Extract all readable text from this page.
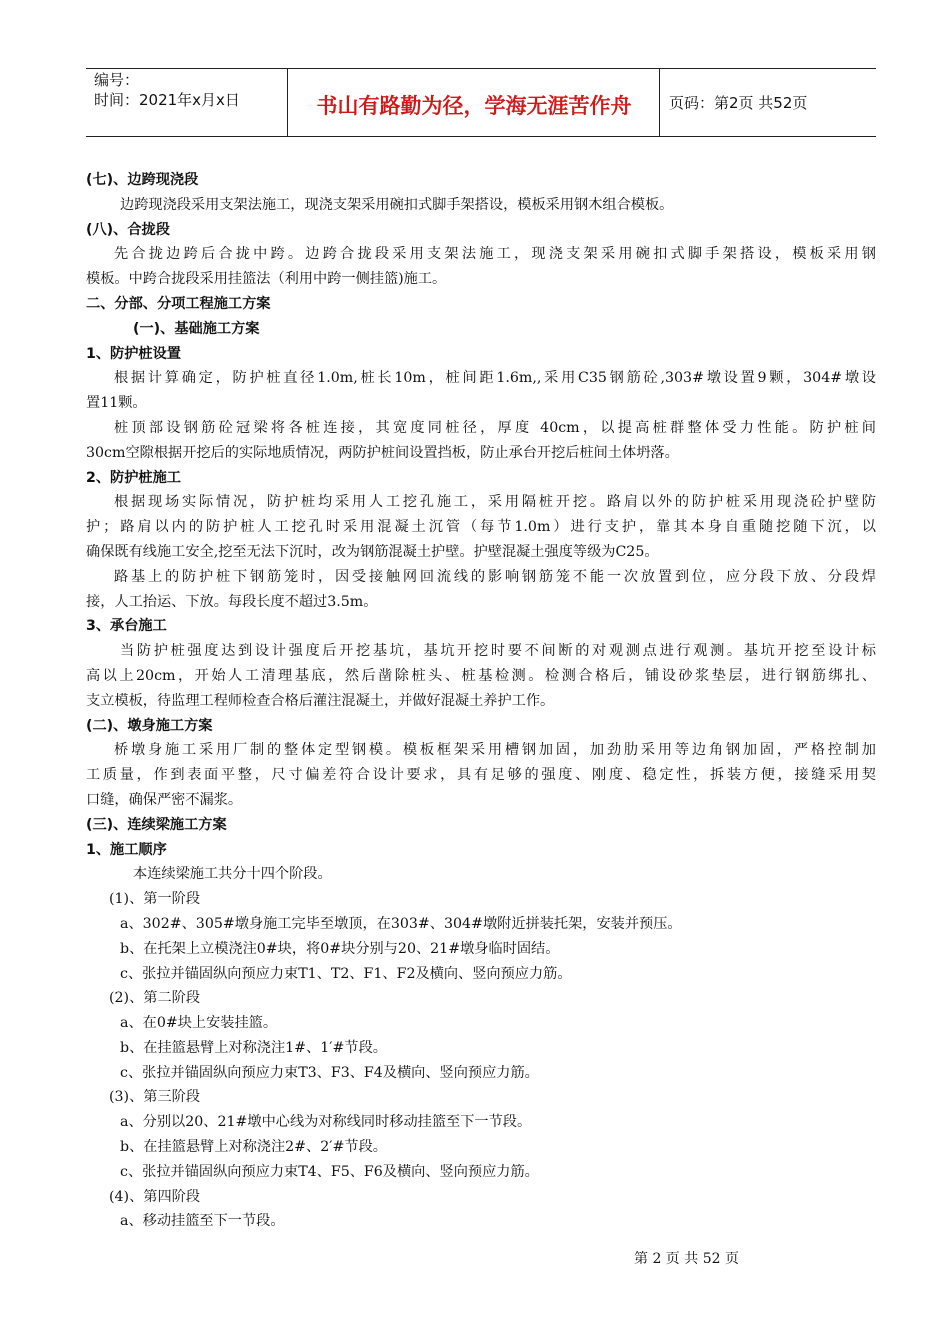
编号：
时间：2021年x月x日	书山有路勤为径，学海无涯苦作舟	页码：第2页 共52页

(七)、边跨现浇段

边跨现浇段采用支架法施工，现浇支架采用碗扣式脚手架搭设，模板采用钢木组合模板。

(八)、合拢段

先合拢边跨后合拢中跨。边跨合拢段采用支架法施工，现浇支架采用碗扣式脚手架搭设，模板采用钢

模板。中跨合拢段采用挂篮法（利用中跨一侧挂篮)施工。

二、分部、分项工程施工方案

(一)、基础施工方案

1、防护桩设置

根据计算确定，防护桩直径1.0m,桩长10m，桩间距1.6m,,采用C35钢筋砼,303#墩设置9颗，304#墩设

置11颗。

桩顶部设钢筋砼冠梁将各桩连接，其宽度同桩径，厚度 40cm，以提高桩群整体受力性能。防护桩间

30cm空隙根据开挖后的实际地质情况，两防护桩间设置挡板，防止承台开挖后桩间土体坍落。

2、防护桩施工

根据现场实际情况，防护桩均采用人工挖孔施工，采用隔桩开挖。路肩以外的防护桩采用现浇砼护壁防

护；路肩以内的防护桩人工挖孔时采用混凝土沉管（每节1.0m）进行支护，靠其本身自重随挖随下沉，以

确保既有线施工安全,挖至无法下沉时，改为钢筋混凝土护壁。护壁混凝土强度等级为C25。

路基上的防护桩下钢筋笼时，因受接触网回流线的影响钢筋笼不能一次放置到位，应分段下放、分段焊

接，人工抬运、下放。每段长度不超过3.5m。

3、承台施工

当防护桩强度达到设计强度后开挖基坑，基坑开挖时要不间断的对观测点进行观测。基坑开挖至设计标

高以上20cm，开始人工清理基底，然后凿除桩头、桩基检测。检测合格后，铺设砂浆垫层，进行钢筋绑扎、

支立模板，待监理工程师检查合格后灌注混凝土，并做好混凝土养护工作。

(二)、墩身施工方案

桥墩身施工采用厂制的整体定型钢模。模板框架采用槽钢加固，加劲肋采用等边角钢加固，严格控制加

工质量，作到表面平整，尺寸偏差符合设计要求，具有足够的强度、刚度、稳定性，拆装方便，接缝采用契

口缝，确保严密不漏浆。

(三)、连续梁施工方案

1、施工顺序

本连续梁施工共分十四个阶段。

(1)、第一阶段

a、302#、305#墩身施工完毕至墩顶，在303#、304#墩附近拼装托架，安装并预压。

b、在托架上立模浇注0#块，将0#块分别与20、21#墩身临时固结。

c、张拉并锚固纵向预应力束T1、T2、F1、F2及横向、竖向预应力筋。

(2)、第二阶段

a、在0#块上安装挂篮。

b、在挂篮悬臂上对称浇注1#、1′#节段。

c、张拉并锚固纵向预应力束T3、F3、F4及横向、竖向预应力筋。

(3)、第三阶段

a、分别以20、21#墩中心线为对称线同时移动挂篮至下一节段。

b、在挂篮悬臂上对称浇注2#、2′#节段。

c、张拉并锚固纵向预应力束T4、F5、F6及横向、竖向预应力筋。

(4)、第四阶段

a、移动挂篮至下一节段。

第 2 页 共 52 页
